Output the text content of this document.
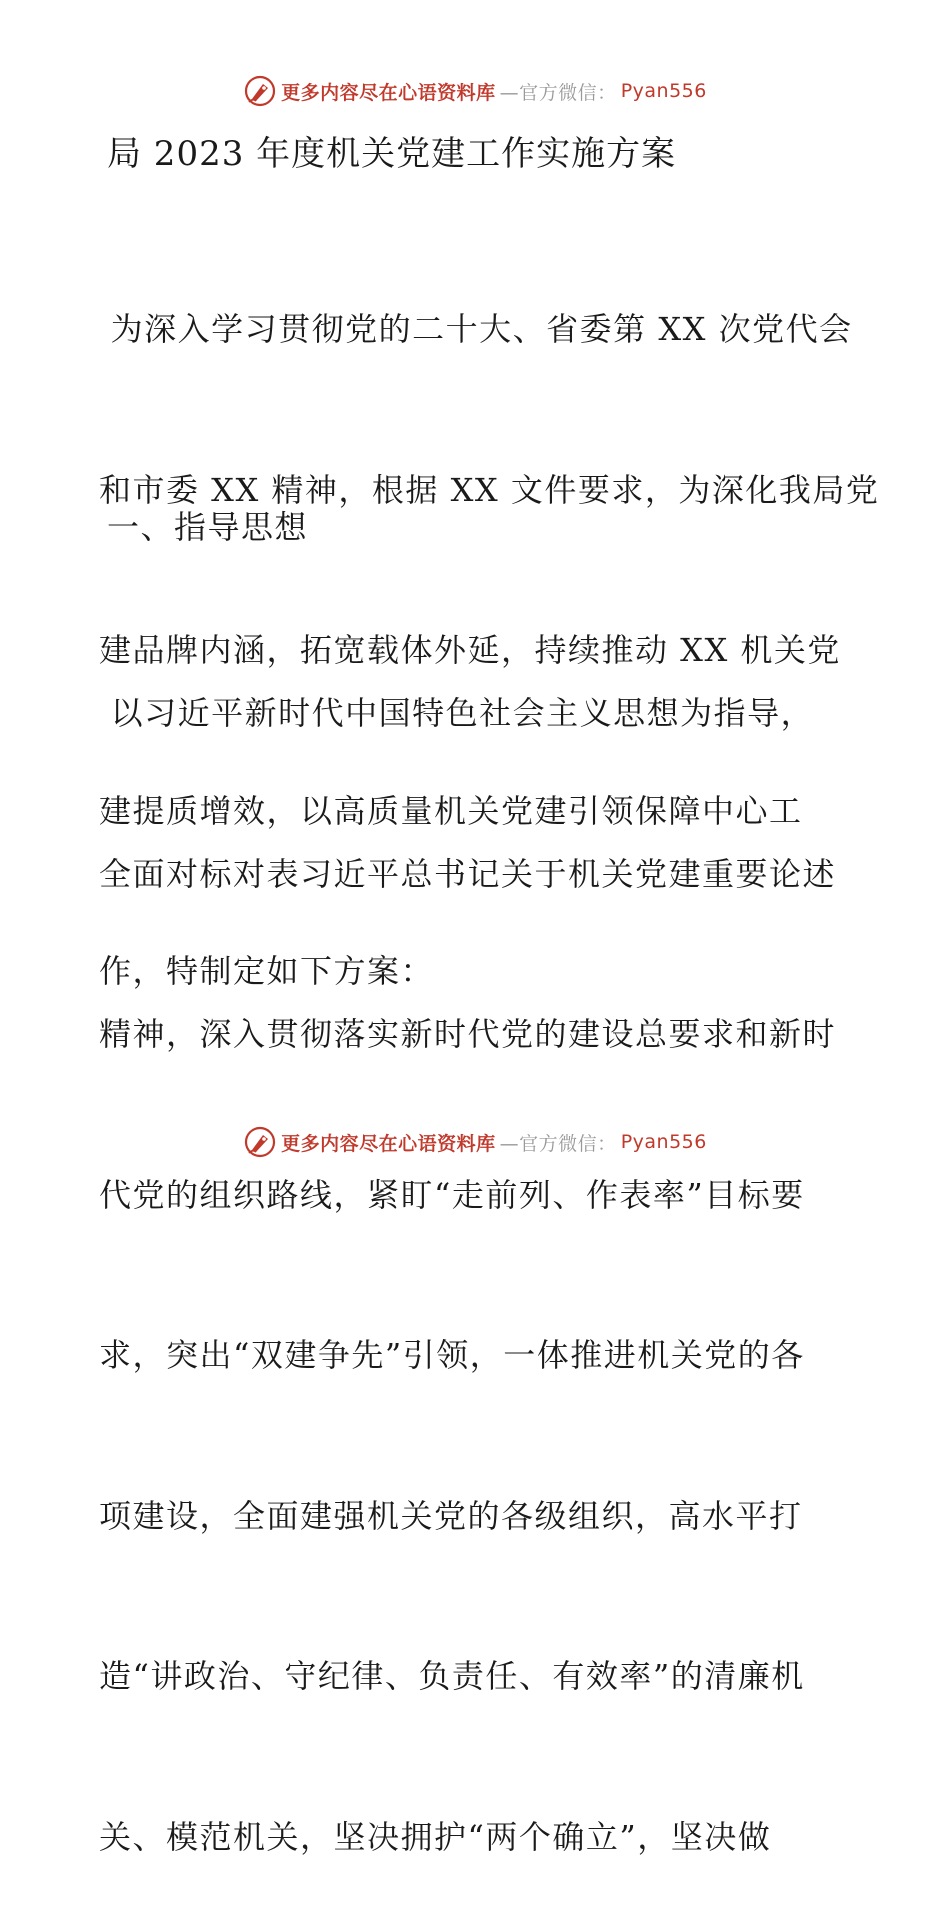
更多内容尽在心语资料库 —官方微信： Pyan556
局 2023 年度机关党建工作实施方案

为深入学习贯彻党的二十大、省委第 XX 次党代会

和市委 XX 精神，根据 XX 文件要求，为深化我局党

建品牌内涵，拓宽载体外延，持续推动 XX 机关党

建提质增效，以高质量机关党建引领保障中心工

作，特制定如下方案：

一、指导思想

以习近平新时代中国特色社会主义思想为指导，

全面对标对表习近平总书记关于机关党建重要论述

精神，深入贯彻落实新时代党的建设总要求和新时

代党的组织路线，紧盯“走前列、作表率”目标要

求，突出“双建争先”引领，一体推进机关党的各

项建设，全面建强机关党的各级组织，高水平打

造“讲政治、守纪律、负责任、有效率”的清廉机

关、模范机关，坚决拥护“两个确立”，坚决做

更多内容尽在心语资料库 —官方微信： Pyan556
